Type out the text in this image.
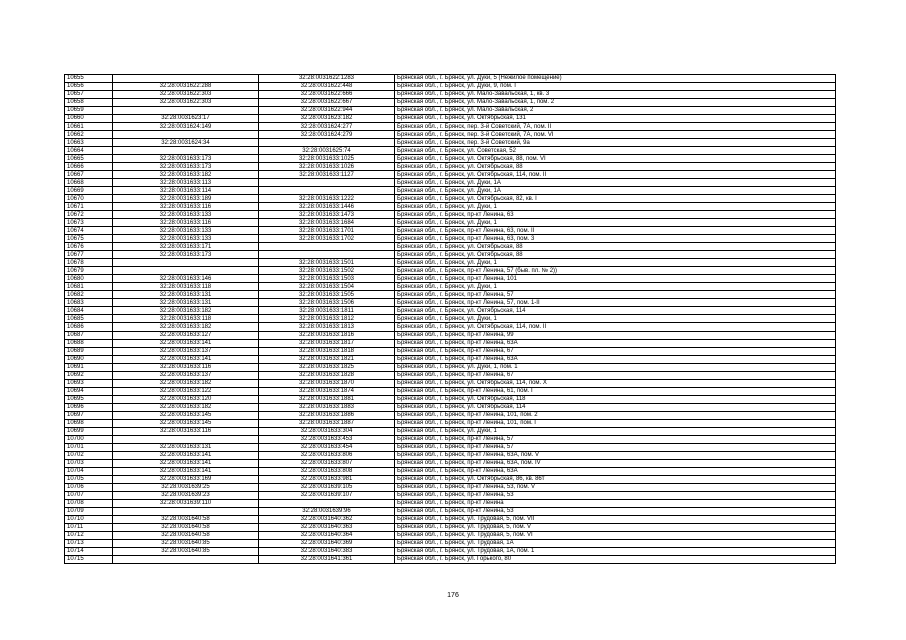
10655		32:28:0031622:1283	Брянская обл., г. Брянск, ул. Дуки, 5 (Нежилое помещение)
10656	32:28:0031622:288	32:28:0031622:448	Брянская обл., г. Брянск, ул. Дуки, 9, пом. I
10657	32:28:0031622:303	32:28:0031622:666	Брянская обл., г. Брянск, ул. Мало-Завальская, 1, кв. 3
10658	32:28:0031622:303	32:28:0031622:667	Брянская обл., г. Брянск, ул. Мало-Завальская, 1, пом. 2
10659		32:28:0031622:944	Брянская обл., г. Брянск, ул. Мало-Завальская, 2
10660	32:28:0031623:17	32:28:0031623:182	Брянская обл., г. Брянск, ул. Октябрьская, 131
10661	32:28:0031624:149	32:28:0031624:277	Брянская обл., г. Брянск, пер. 3-й Советский, 7А, пом. II
10662		32:28:0031624:279	Брянская обл., г. Брянск, пер. 3-й Советский, 7А, пом. VI
10663	32:28:0031624:34		Брянская обл., г. Брянск, пер. 3-й Советский, 9а
10664		32:28:0031625:74	Брянская обл., г. Брянск, ул. Советская, 52
10665	32:28:0031633:173	32:28:0031633:1025	Брянская обл., г. Брянск, ул. Октябрьская, 88, пом. VI
10666	32:28:0031633:173	32:28:0031633:1026	Брянская обл., г. Брянск, ул. Октябрьская, 88
10667	32:28:0031633:182	32:28:0031633:1127	Брянская обл., г. Брянск, ул. Октябрьская, 114, пом. II
10668	32:28:0031633:113		Брянская обл., г. Брянск, ул. Дуки, 1А
10669	32:28:0031633:114		Брянская обл., г. Брянск, ул. Дуки, 1А
10670	32:28:0031633:189	32:28:0031633:1222	Брянская обл., г. Брянск, ул. Октябрьская, 82, кв. I
10671	32:28:0031633:116	32:28:0031633:1446	Брянская обл., г. Брянск, ул. Дуки, 1
10672	32:28:0031633:133	32:28:0031633:1473	Брянская обл., г. Брянск, пр-кт Ленина, 63
10673	32:28:0031633:116	32:28:0031633:1684	Брянская обл., г. Брянск, ул. Дуки, 1
10674	32:28:0031633:133	32:28:0031633:1701	Брянская обл., г. Брянск, пр-кт Ленина, 63, пом. II
10675	32:28:0031633:133	32:28:0031633:1702	Брянская обл., г. Брянск, пр-кт Ленина, 63, пом. 3
10676	32:28:0031633:171		Брянская обл., г. Брянск, ул. Октябрьская, 88
10677	32:28:0031633:173		Брянская обл., г. Брянск, ул. Октябрьская, 88
10678		32:28:0031633:1501	Брянская обл., г. Брянск, ул. Дуки, 1
10679		32:28:0031633:1502	Брянская обл., г. Брянск, пр-кт Ленина, 57 (быв. пл. № 2))
10680	32:28:0031633:146	32:28:0031633:1503	Брянская обл., г. Брянск, пр-кт Ленина, 101
10681	32:28:0031633:118	32:28:0031633:1504	Брянская обл., г. Брянск, ул. Дуки, 1
10682	32:28:0031633:131	32:28:0031633:1505	Брянская обл., г. Брянск, пр-кт Ленина, 57
10683	32:28:0031633:131	32:28:0031633:1506	Брянская обл., г. Брянск, пр-кт Ленина, 57, пом. 1-II
10684	32:28:0031633:182	32:28:0031633:1811	Брянская обл., г. Брянск, ул. Октябрьская, 114
10685	32:28:0031633:118	32:28:0031633:1812	Брянская обл., г. Брянск, ул. Дуки, 1
10686	32:28:0031633:182	32:28:0031633:1813	Брянская обл., г. Брянск, ул. Октябрьская, 114, пом. II
10687	32:28:0031633:127	32:28:0031633:1816	Брянская обл., г. Брянск, пр-кт Ленина, 99
10688	32:28:0031633:141	32:28:0031633:1817	Брянская обл., г. Брянск, пр-кт Ленина, 63А
10689	32:28:0031633:137	32:28:0031633:1818	Брянская обл., г. Брянск, пр-кт Ленина, 67
10690	32:28:0031633:141	32:28:0031633:1821	Брянская обл., г. Брянск, пр-кт Ленина, 63А
10691	32:28:0031633:116	32:28:0031633:1825	Брянская обл., г. Брянск, ул. Дуки, 1, пом. 1
10692	32:28:0031633:137	32:28:0031633:1828	Брянская обл., г. Брянск, пр-кт Ленина, 67
10693	32:28:0031633:182	32:28:0031633:1870	Брянская обл., г. Брянск, ул. Октябрьская, 114, пом. X
10694	32:28:0031633:122	32:28:0031633:1874	Брянская обл., г. Брянск, пр-кт Ленина, 61, пом. I
10695	32:28:0031633:120	32:28:0031633:1881	Брянская обл., г. Брянск, ул. Октябрьская, 118
10696	32:28:0031633:182	32:28:0031633:1883	Брянская обл., г. Брянск, ул. Октябрьская, 114
10697	32:28:0031633:145	32:28:0031633:1886	Брянская обл., г. Брянск, пр-кт Ленина, 101, пом. 2
10698	32:28:0031633:145	32:28:0031633:1887	Брянская обл., г. Брянск, пр-кт Ленина, 101, пом. I
10699	32:28:0031633:116	32:28:0031633:304	Брянская обл., г. Брянск, ул. Дуки, 1
10700		32:28:0031633:453	Брянская обл., г. Брянск, пр-кт Ленина, 57
10701	32:28:0031633:131	32:28:0031633:454	Брянская обл., г. Брянск, пр-кт Ленина, 57
10702	32:28:0031633:141	32:28:0031633:806	Брянская обл., г. Брянск, пр-кт Ленина, 63А, пом. V
10703	32:28:0031633:141	32:28:0031633:807	Брянская обл., г. Брянск, пр-кт Ленина, 63А, пом. IV
10704	32:28:0031633:141	32:28:0031633:808	Брянская обл., г. Брянск, пр-кт Ленина, 63А
10705	32:28:0031633:169	32:28:0031633:981	Брянская обл., г. Брянск, ул. Октябрьская, 86, кв. 86т
10706	32:28:0031639:25	32:28:0031639:105	Брянская обл., г. Брянск, пр-кт Ленина, 53, пом. V
10707	32:28:0031639:23	32:28:0031639:107	Брянская обл., г. Брянск, пр-кт Ленина, 53
10708	32:28:0031639:110		Брянская обл., г. Брянск, пр-кт Ленина
10709		32:28:0031639:96	Брянская обл., г. Брянск, пр-кт Ленина, 53
10710	32:28:0031640:58	32:28:0031640:362	Брянская обл., г. Брянск, ул. Трудовая, 5, пом. VII
10711	32:28:0031640:58	32:28:0031640:363	Брянская обл., г. Брянск, ул. Трудовая, 5, пом. V
10712	32:28:0031640:58	32:28:0031640:364	Брянская обл., г. Брянск, ул. Трудовая, 5, пом. VI
10713	32:28:0031640:85	32:28:0031640:369	Брянская обл., г. Брянск, ул. Трудовая, 1А
10714	32:28:0031640:85	32:28:0031640:383	Брянская обл., г. Брянск, ул. Трудовая, 1А, пом. 1
10715		32:28:0031641:361	Брянская обл., г. Брянск, ул. Горького, 80
176
